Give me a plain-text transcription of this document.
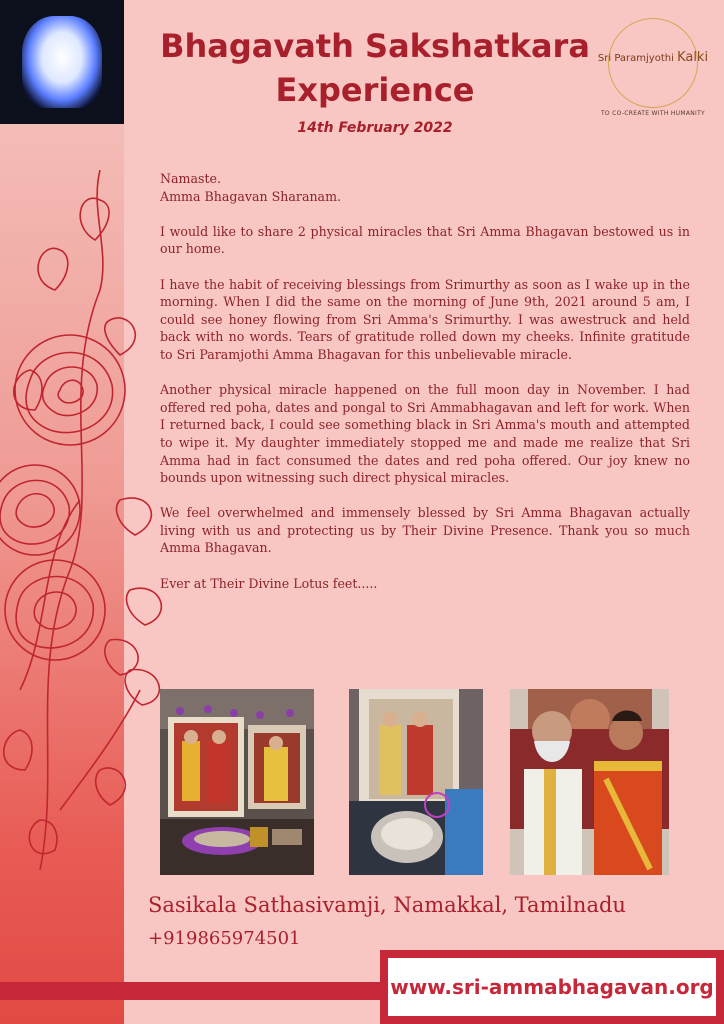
Bhagavath Sakshatkara
Experience
14th February 2022
Sri Paramjyothi Kalki
TO CO-CREATE WITH HUMANITY

Namaste.
Amma Bhagavan Sharanam.

I would like to share 2 physical miracles that Sri Amma Bhagavan bestowed us in our home.

I have the habit of receiving blessings from Srimurthy as soon as I wake up in the morning. When I did the same on the morning of June 9th, 2021 around 5 am, I could see honey flowing from Sri Amma's Srimurthy. I was awestruck and held back with no words. Tears of gratitude rolled down my cheeks. Infinite gratitude to Sri Paramjothi Amma Bhagavan for this unbelievable miracle.

Another physical miracle happened on the full moon day in November. I had offered red poha, dates and pongal to Sri Ammabhagavan and left for work. When I returned back, I could see something black in Sri Amma's mouth and attempted to wipe it. My daughter immediately stopped me and made me realize that Sri Amma had in fact consumed the dates and red poha offered. Our joy knew no bounds upon witnessing such direct physical miracles.

We feel overwhelmed and immensely blessed by Sri Amma Bhagavan actually living with us and protecting us by Their Divine Presence. Thank you so much Amma Bhagavan.

Ever at Their Divine Lotus feet.....

Sasikala Sathasivamji, Namakkal, Tamilnadu
+919865974501
www.sri-ammabhagavan.org
